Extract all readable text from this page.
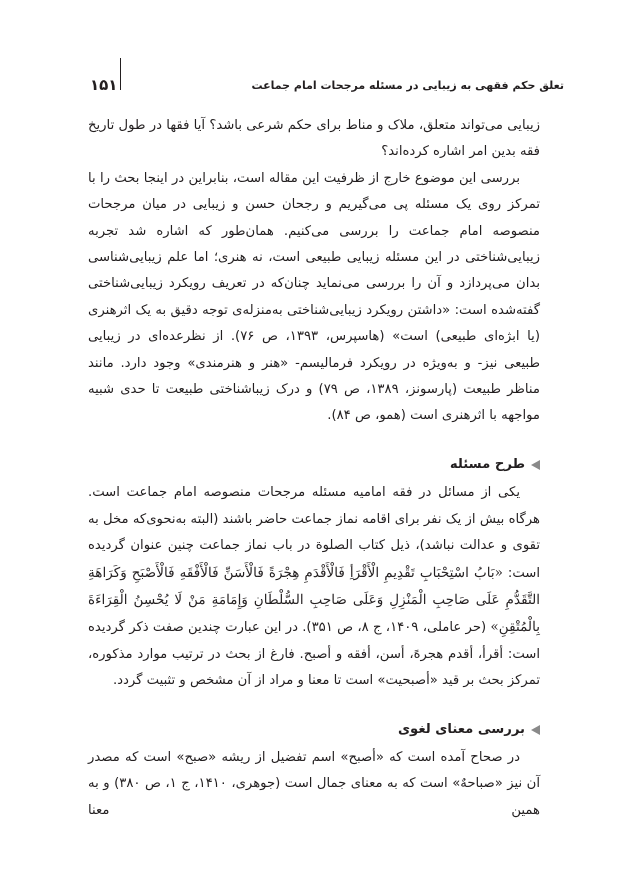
۱۵۱	تعلق حکم فقهی به زیبایی در مسئله مرجحات امام جماعت

زیبایی می‌تواند متعلق، ملاک و مناط برای حکم شرعی باشد؟ آیا فقها در طول تاریخ فقه بدین امر اشاره کرده‌اند؟

بررسی این موضوع خارج از ظرفیت این مقاله است، بنابراین در اینجا بحث را با تمرکز روی یک مسئله پی می‌گیریم و رجحان حسن و زیبایی در میان مرجحات منصوصه امام جماعت را بررسی می‌کنیم. همان‌طور که اشاره شد تجربه زیبایی‌شناختی در این مسئله زیبایی طبیعی است، نه هنری؛ اما علم زیبایی‌شناسی بدان می‌پردازد و آن را بررسی می‌نماید چنان‌که در تعریف رویکرد زیبایی‌شناختی گفته‌شده است: «داشتن رویکرد زیبایی‌شناختی به‌منزله‌ی توجه دقیق به یک اثرهنری (یا ابژه‌ای طبیعی) است» (هاسپرس، ۱۳۹۳، ص ۷۶). از نظرعده‌ای در زیبایی طبیعی نیز- و به‌ویژه در رویکرد فرمالیسم- «هنر و هنرمندی» وجود دارد. مانند مناظر طبیعت (پارسونز، ۱۳۸۹، ص ۷۹) و درک زیباشناختی طبیعت تا حدی شبیه مواجهه با اثرهنری است (همو، ص ۸۴).

طرح مسئله

یکی از مسائل در فقه امامیه مسئله مرجحات منصوصه امام جماعت است. هرگاه بیش از یک نفر برای اقامه نماز جماعت حاضر باشند (البته به‌نحوی‌که مخل به تقوی و عدالت نباشد)، ذیل کتاب الصلوة در باب نماز جماعت چنین عنوان گردیده است: «بَابُ اسْتِحْبَابِ تَقْدِيمِ الْأَقْرَأِ فَالْأَقْدَمِ هِجْرَةً فَالْأَسَنِّ فَالْأَفْقَهِ فَالْأَصْبَحِ وَكَرَاهَةِ التَّقَدُّمِ عَلَى صَاحِبِ الْمَنْزِلِ وَعَلَى صَاحِبِ السُّلْطَانِ وَإِمَامَةِ مَنْ لَا يُحْسِنُ الْقِرَاءَةَ بِالْمُتْقِنِ» (حر عاملی، ۱۴۰۹، ج ۸، ص ۳۵۱). در این عبارت چندین صفت ذکر گردیده است: أقرأ، أقدم هجرهً، أسن، أفقه و أصبح. فارغ از بحث در ترتیب موارد مذکوره، تمرکز بحث بر قید «أصبحیت» است تا معنا و مراد از آن مشخص و تثبیت گردد.

بررسی معنای لغوی

در صحاح آمده است که «أصبح» اسم تفضیل از ریشه «صبح» است که مصدر آن نیز «صباحهٌ» است که به معنای جمال است (جوهری، ۱۴۱۰، ج ۱، ص ۳۸۰) و به همین معنا
